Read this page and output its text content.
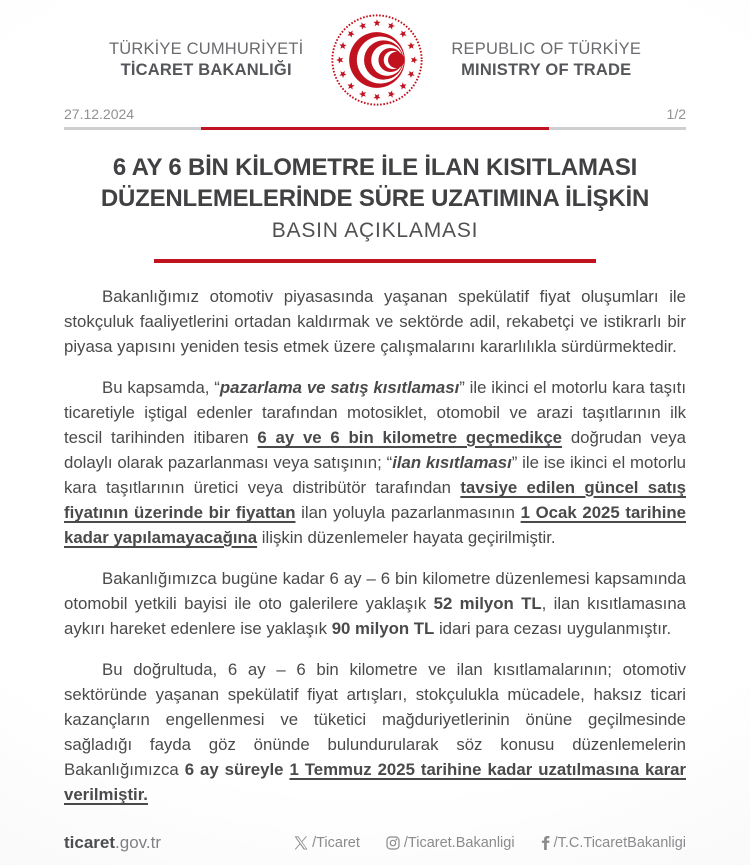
TÜRKİYE CUMHURİYETİ
TİCARET BAKANLIĞI
REPUBLIC OF TÜRKİYE
MINISTRY OF TRADE
27.12.2024	1/2
6 AY 6 BİN KİLOMETRE İLE İLAN KISITLAMASI
DÜZENLEMELERİNDE SÜRE UZATIMINA İLİŞKİN
BASIN AÇIKLAMASI

Bakanlığımız otomotiv piyasasında yaşanan spekülatif fiyat oluşumları ile stokçuluk faaliyetlerini ortadan kaldırmak ve sektörde adil, rekabetçi ve istikrarlı bir piyasa yapısını yeniden tesis etmek üzere çalışmalarını kararlılıkla sürdürmektedir.

Bu kapsamda, “pazarlama ve satış kısıtlaması” ile ikinci el motorlu kara taşıtı ticaretiyle iştigal edenler tarafından motosiklet, otomobil ve arazi taşıtlarının ilk tescil tarihinden itibaren 6 ay ve 6 bin kilometre geçmedikçe doğrudan veya dolaylı olarak pazarlanması veya satışının; “ilan kısıtlaması” ile ise ikinci el motorlu kara taşıtlarının üretici veya distribütör tarafından tavsiye edilen güncel satış fiyatının üzerinde bir fiyattan ilan yoluyla pazarlanmasının 1 Ocak 2025 tarihine kadar yapılamayacağına ilişkin düzenlemeler hayata geçirilmiştir.

Bakanlığımızca bugüne kadar 6 ay – 6 bin kilometre düzenlemesi kapsamında otomobil yetkili bayisi ile oto galerilere yaklaşık 52 milyon TL, ilan kısıtlamasına aykırı hareket edenlere ise yaklaşık 90 milyon TL idari para cezası uygulanmıştır.

Bu doğrultuda, 6 ay – 6 bin kilometre ve ilan kısıtlamalarının; otomotiv sektöründe yaşanan spekülatif fiyat artışları, stokçulukla mücadele, haksız ticari kazançların engellenmesi ve tüketici mağduriyetlerinin önüne geçilmesinde sağladığı fayda göz önünde bulundurularak söz konusu düzenlemelerin Bakanlığımızca 6 ay süreyle 1 Temmuz 2025 tarihine kadar uzatılmasına karar verilmiştir.

ticaret.gov.tr	/Ticaret	/Ticaret.Bakanligi	/T.C.TicaretBakanligi
